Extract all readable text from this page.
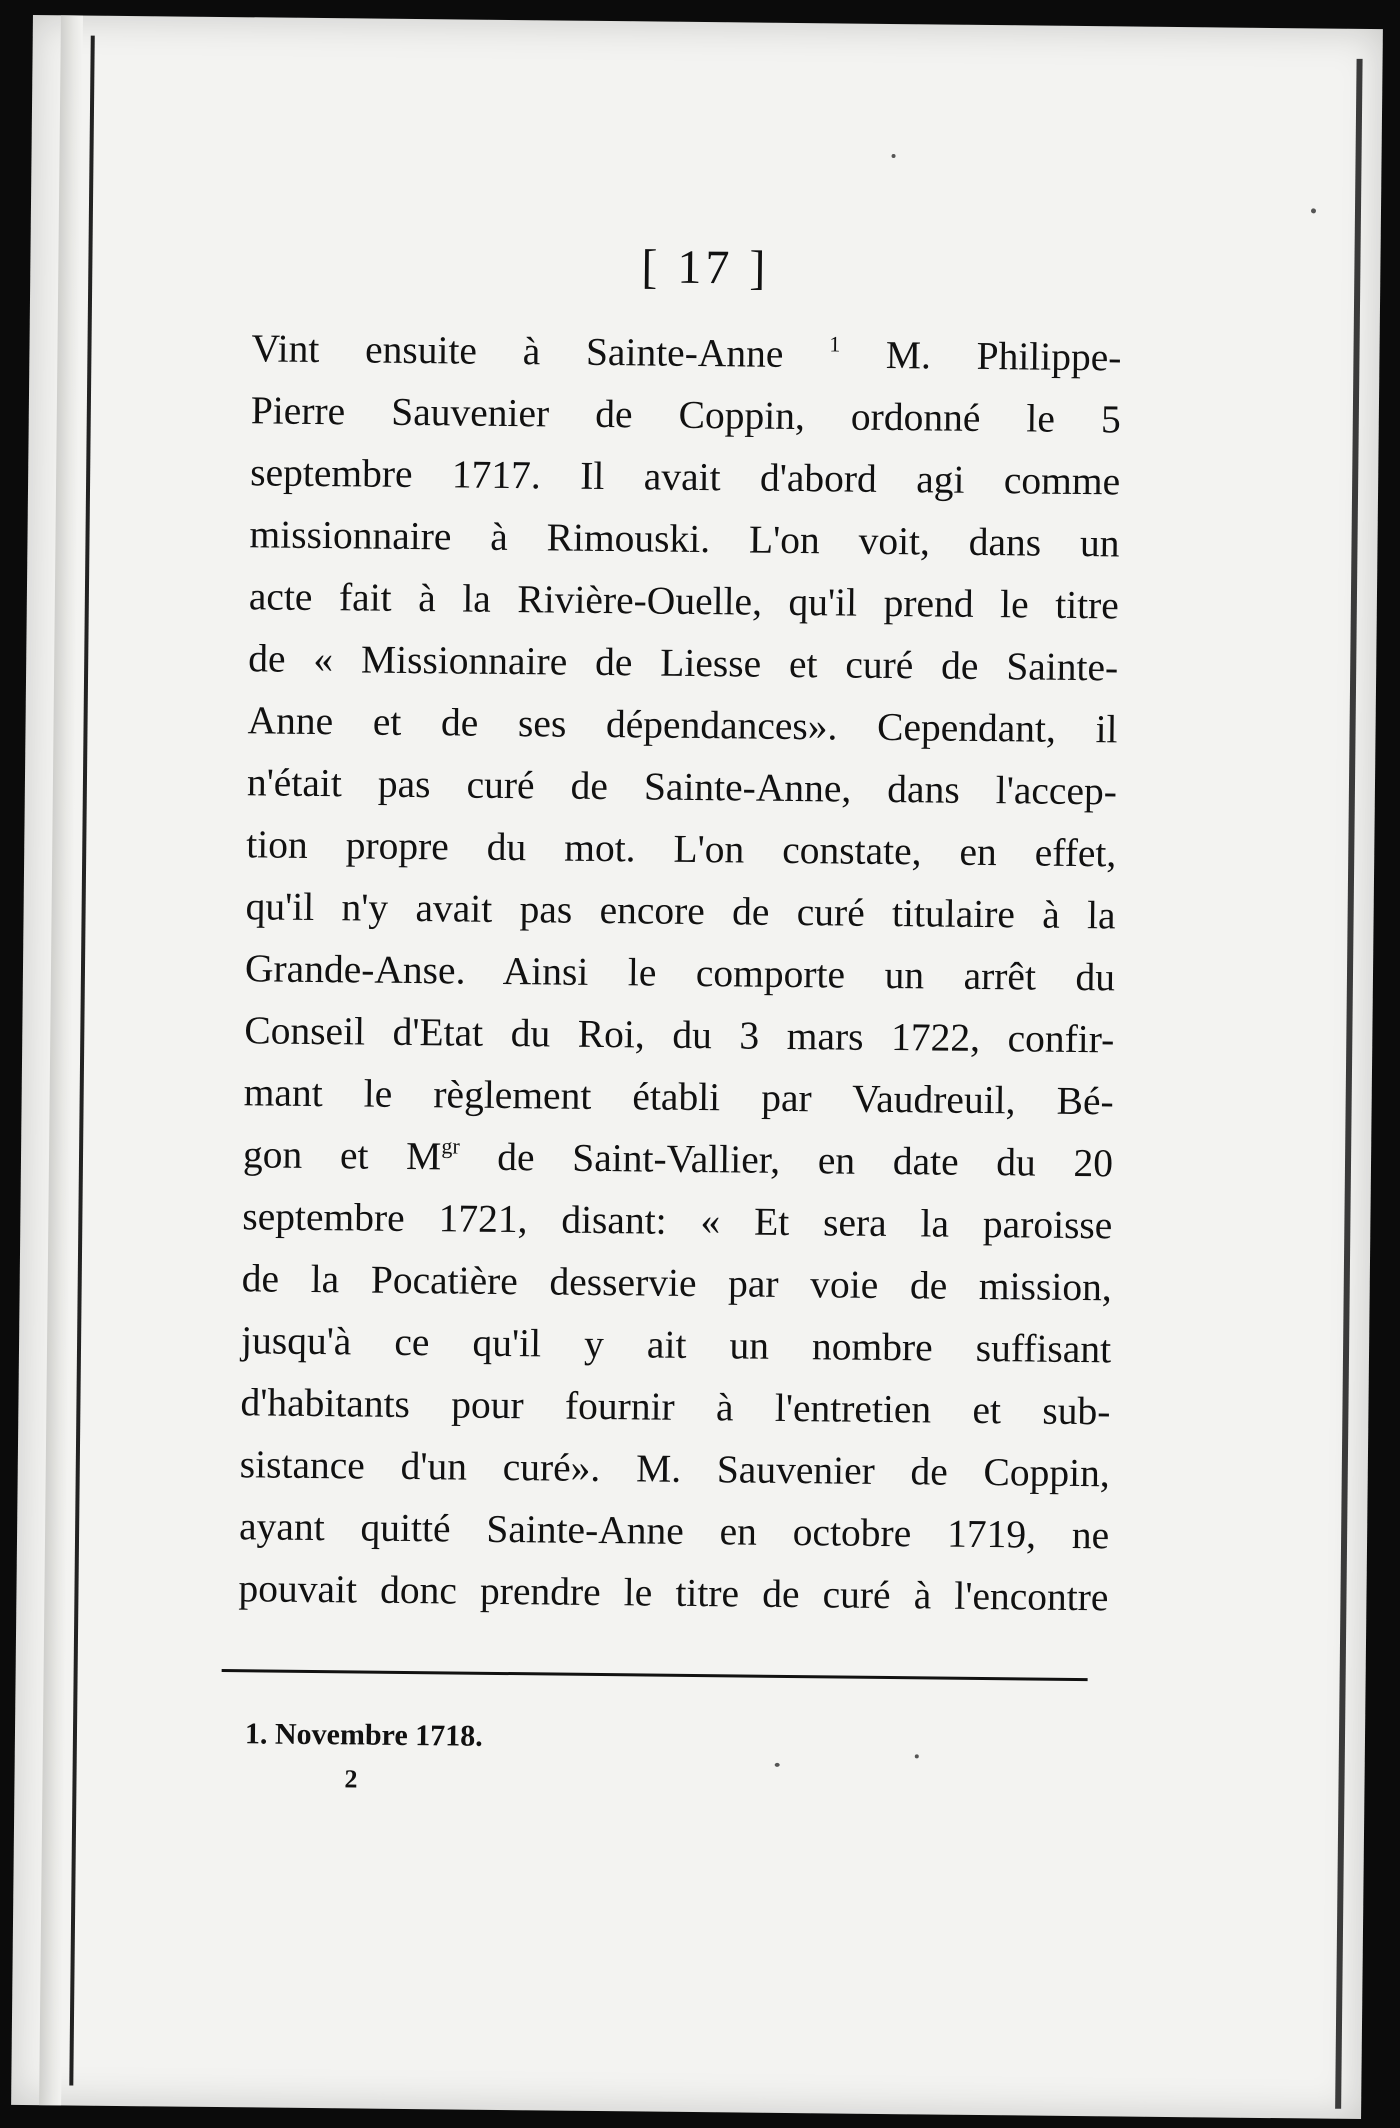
[ 17 ]
Vint ensuite à Sainte-Anne $^1$ M. Philippe-
Pierre Sauvenier de Coppin, ordonné le 5
septembre 1717. Il avait d'abord agi comme
missionnaire à Rimouski. L'on voit, dans un
acte fait à la Rivière-Ouelle, qu'il prend le titre
de « Missionnaire de Liesse et curé de Sainte-
Anne et de ses dépendances». Cependant, il
n'était pas curé de Sainte-Anne, dans l'accep-
tion propre du mot. L'on constate, en effet,
qu'il n'y avait pas encore de curé titulaire à la
Grande-Anse. Ainsi le comporte un arrêt du
Conseil d'Etat du Roi, du 3 mars 1722, confir-
mant le règlement établi par Vaudreuil, Bé-
gon et $M^{gr}$ de Saint-Vallier, en date du 20
septembre 1721, disant: « Et sera la paroisse
de la Pocatière desservie par voie de mission,
jusqu'à ce qu'il y ait un nombre suffisant
d'habitants pour fournir à l'entretien et sub-
sistance d'un curé». M. Sauvenier de Coppin,
ayant quitté Sainte-Anne en octobre 1719, ne
pouvait donc prendre le titre de curé à l'encontre
1. Novembre 1718.
2
